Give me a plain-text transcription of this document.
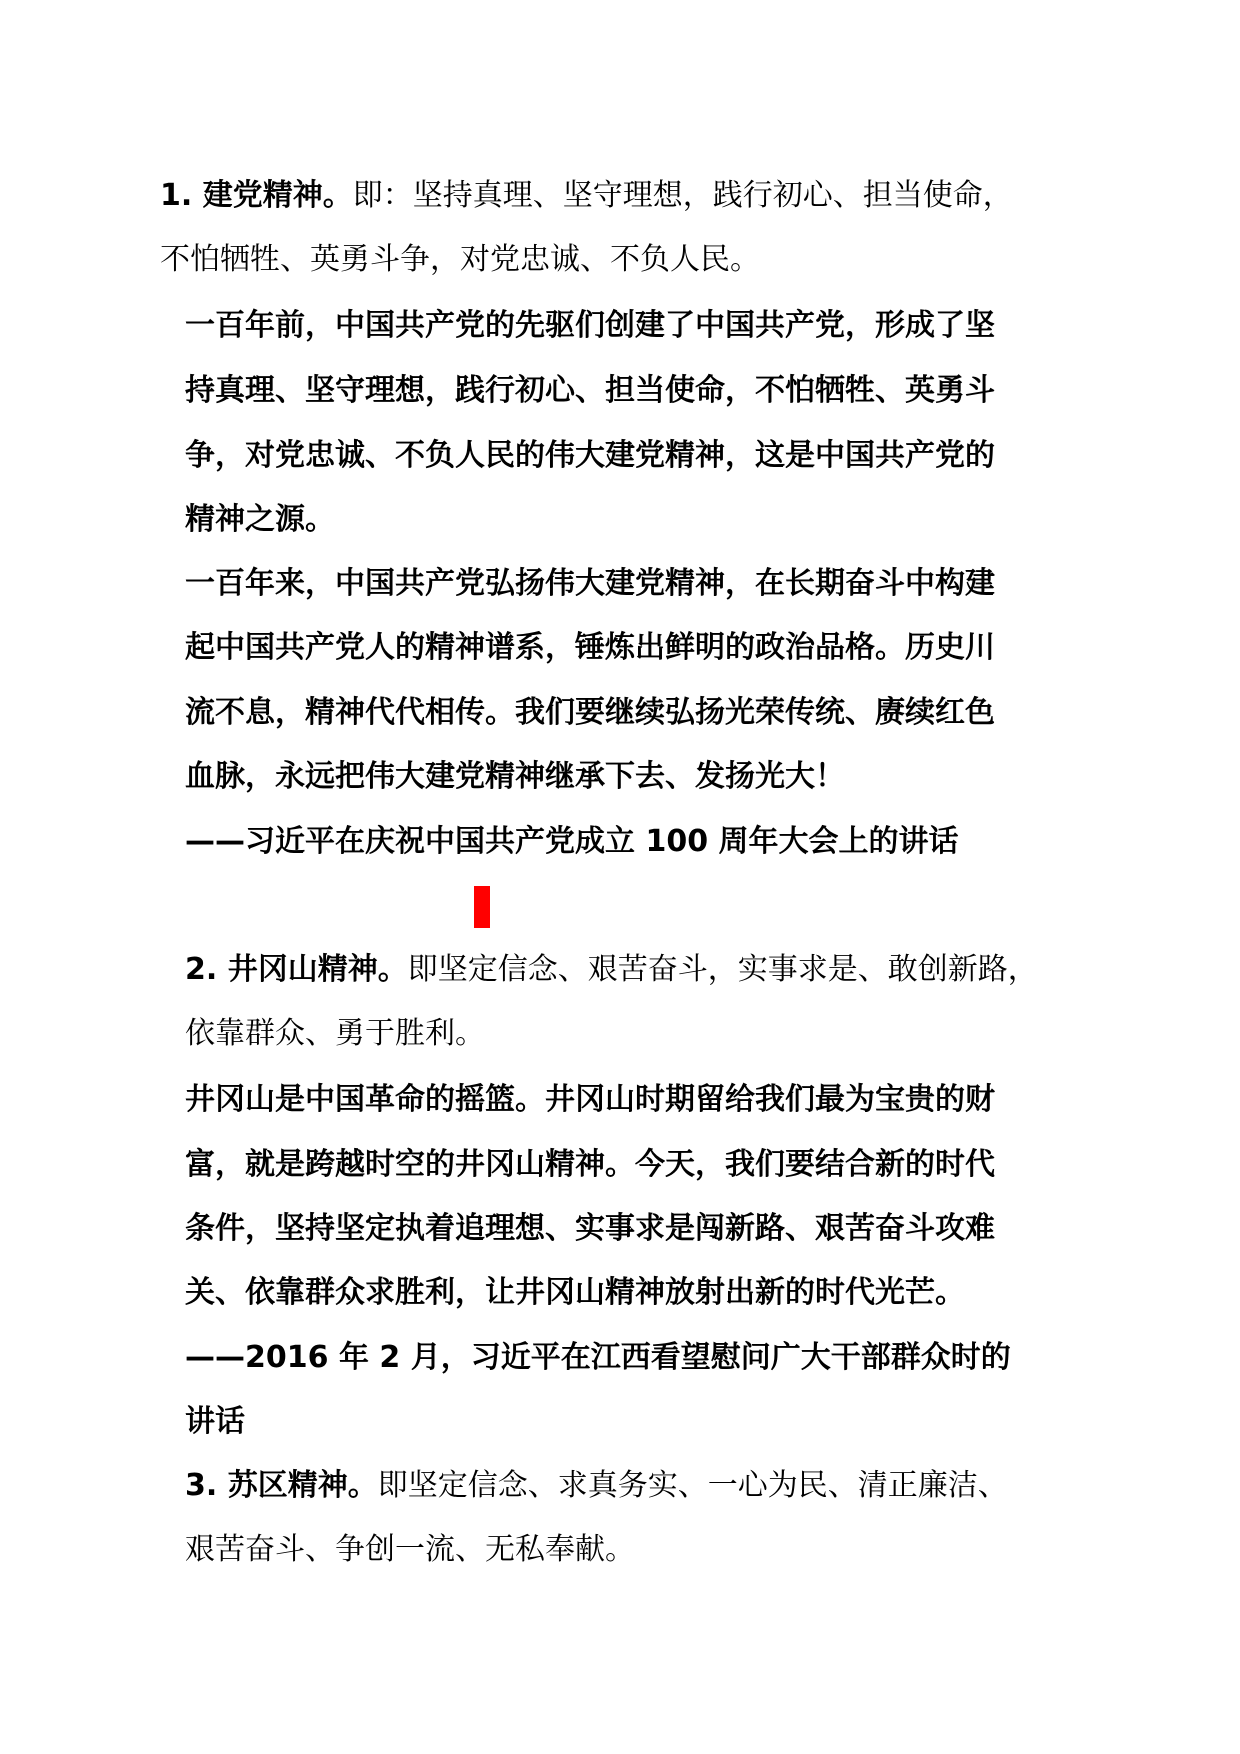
1. 建党精神。即：坚持真理、坚守理想，践行初心、担当使命，
不怕牺牲、英勇斗争，对党忠诚、不负人民。
一百年前，中国共产党的先驱们创建了中国共产党，形成了坚
持真理、坚守理想，践行初心、担当使命，不怕牺牲、英勇斗
争，对党忠诚、不负人民的伟大建党精神，这是中国共产党的
精神之源。
一百年来，中国共产党弘扬伟大建党精神，在长期奋斗中构建
起中国共产党人的精神谱系，锤炼出鲜明的政治品格。历史川
流不息，精神代代相传。我们要继续弘扬光荣传统、赓续红色
血脉，永远把伟大建党精神继承下去、发扬光大！
——习近平在庆祝中国共产党成立 100 周年大会上的讲话
2. 井冈山精神。即坚定信念、艰苦奋斗，实事求是、敢创新路，
依靠群众、勇于胜利。
井冈山是中国革命的摇篮。井冈山时期留给我们最为宝贵的财
富，就是跨越时空的井冈山精神。今天，我们要结合新的时代
条件，坚持坚定执着追理想、实事求是闯新路、艰苦奋斗攻难
关、依靠群众求胜利，让井冈山精神放射出新的时代光芒。
——2016 年 2 月，习近平在江西看望慰问广大干部群众时的
讲话
3. 苏区精神。即坚定信念、求真务实、一心为民、清正廉洁、
艰苦奋斗、争创一流、无私奉献。
